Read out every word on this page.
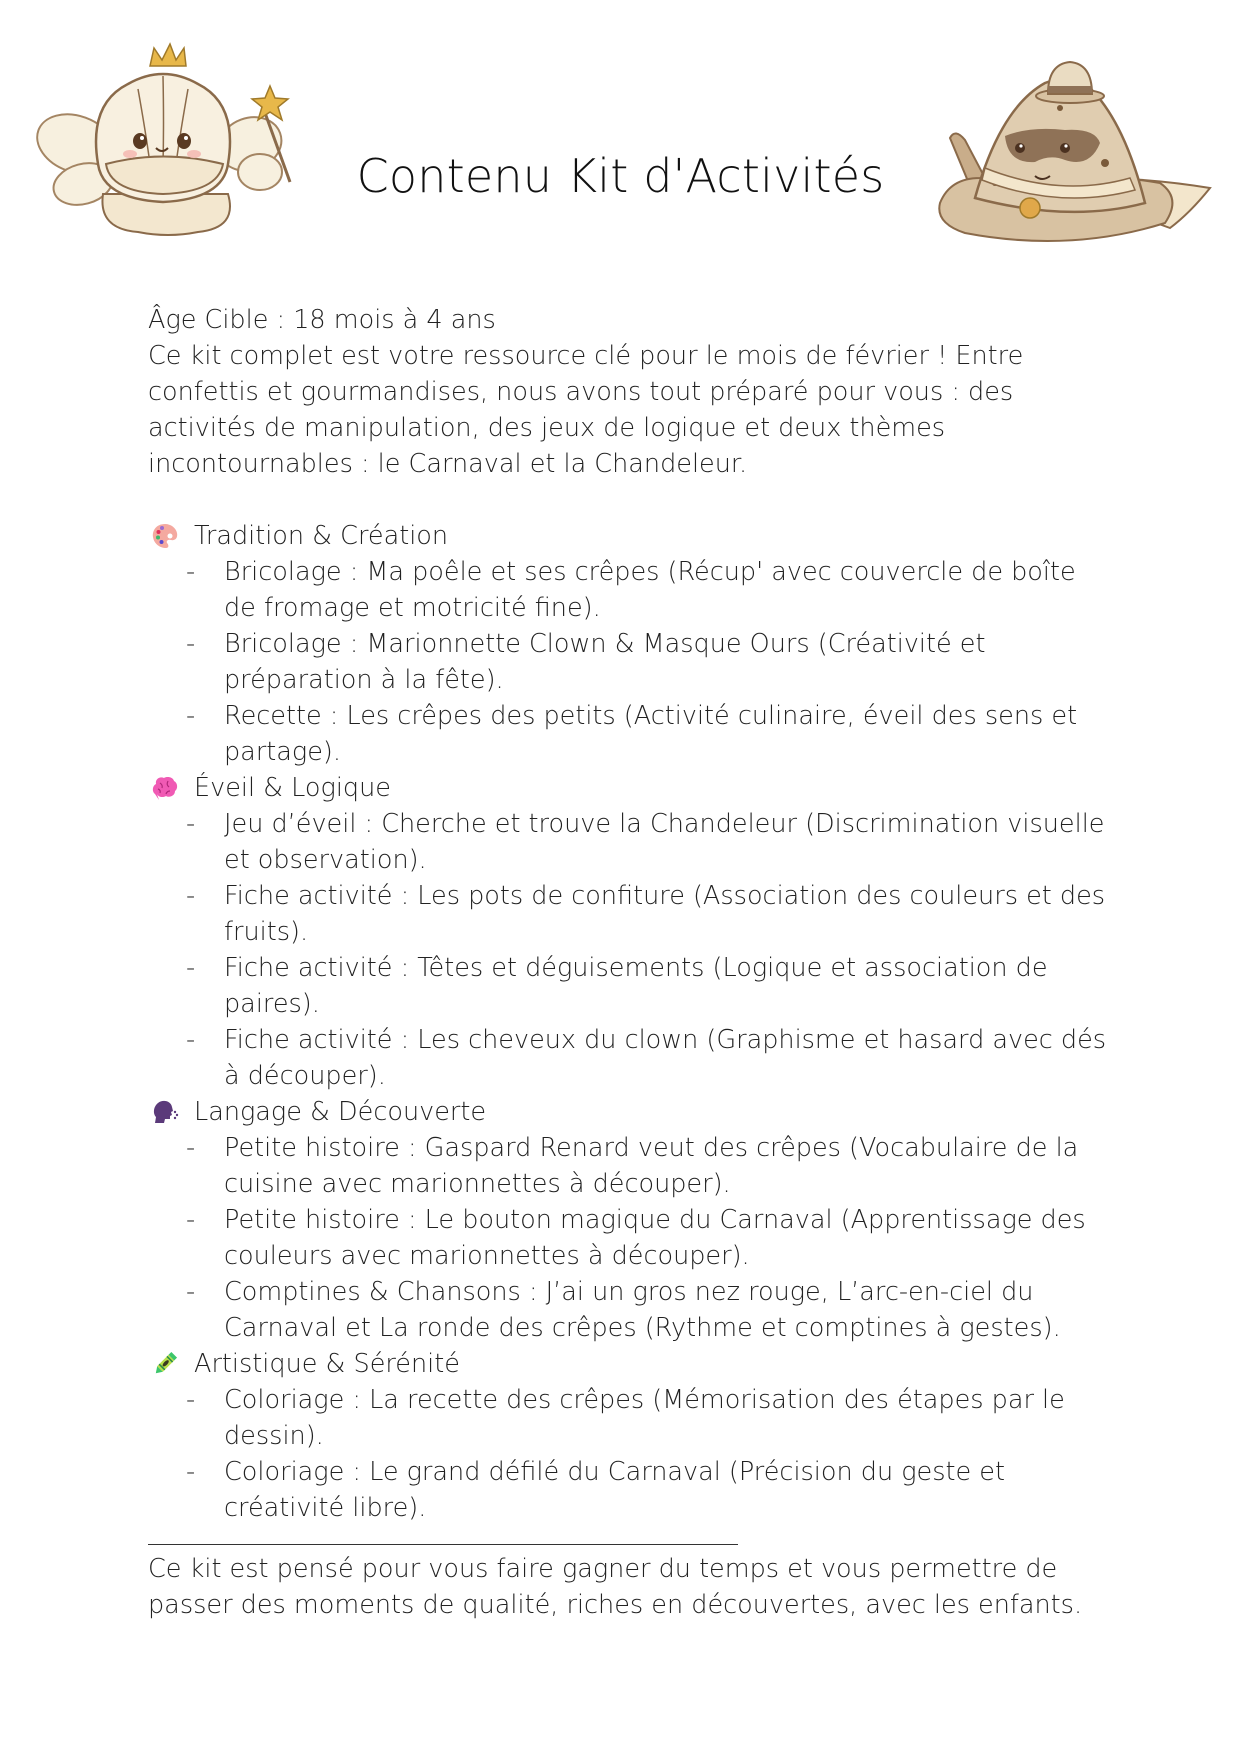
Contenu Kit d'Activités

Âge Cible : 18 mois à 4 ans

Ce kit complet est votre ressource clé pour le mois de février ! Entre confettis et gourmandises, nous avons tout préparé pour vous : des activités de manipulation, des jeux de logique et deux thèmes incontournables : le Carnaval et la Chandeleur.

Tradition & Création
- Bricolage : Ma poêle et ses crêpes (Récup' avec couvercle de boîte de fromage et motricité fine).
- Bricolage : Marionnette Clown & Masque Ours (Créativité et préparation à la fête).
- Recette : Les crêpes des petits (Activité culinaire, éveil des sens et partage).
Éveil & Logique
- Jeu d’éveil : Cherche et trouve la Chandeleur (Discrimination visuelle et observation).
- Fiche activité : Les pots de confiture (Association des couleurs et des fruits).
- Fiche activité : Têtes et déguisements (Logique et association de paires).
- Fiche activité : Les cheveux du clown (Graphisme et hasard avec dés à découper).
Langage & Découverte
- Petite histoire : Gaspard Renard veut des crêpes (Vocabulaire de la cuisine avec marionnettes à découper).
- Petite histoire : Le bouton magique du Carnaval (Apprentissage des couleurs avec marionnettes à découper).
- Comptines & Chansons : J’ai un gros nez rouge, L’arc-en-ciel du Carnaval et La ronde des crêpes (Rythme et comptines à gestes).
Artistique & Sérénité
- Coloriage : La recette des crêpes (Mémorisation des étapes par le dessin).
- Coloriage : Le grand défilé du Carnaval (Précision du geste et créativité libre).

Ce kit est pensé pour vous faire gagner du temps et vous permettre de passer des moments de qualité, riches en découvertes, avec les enfants.
